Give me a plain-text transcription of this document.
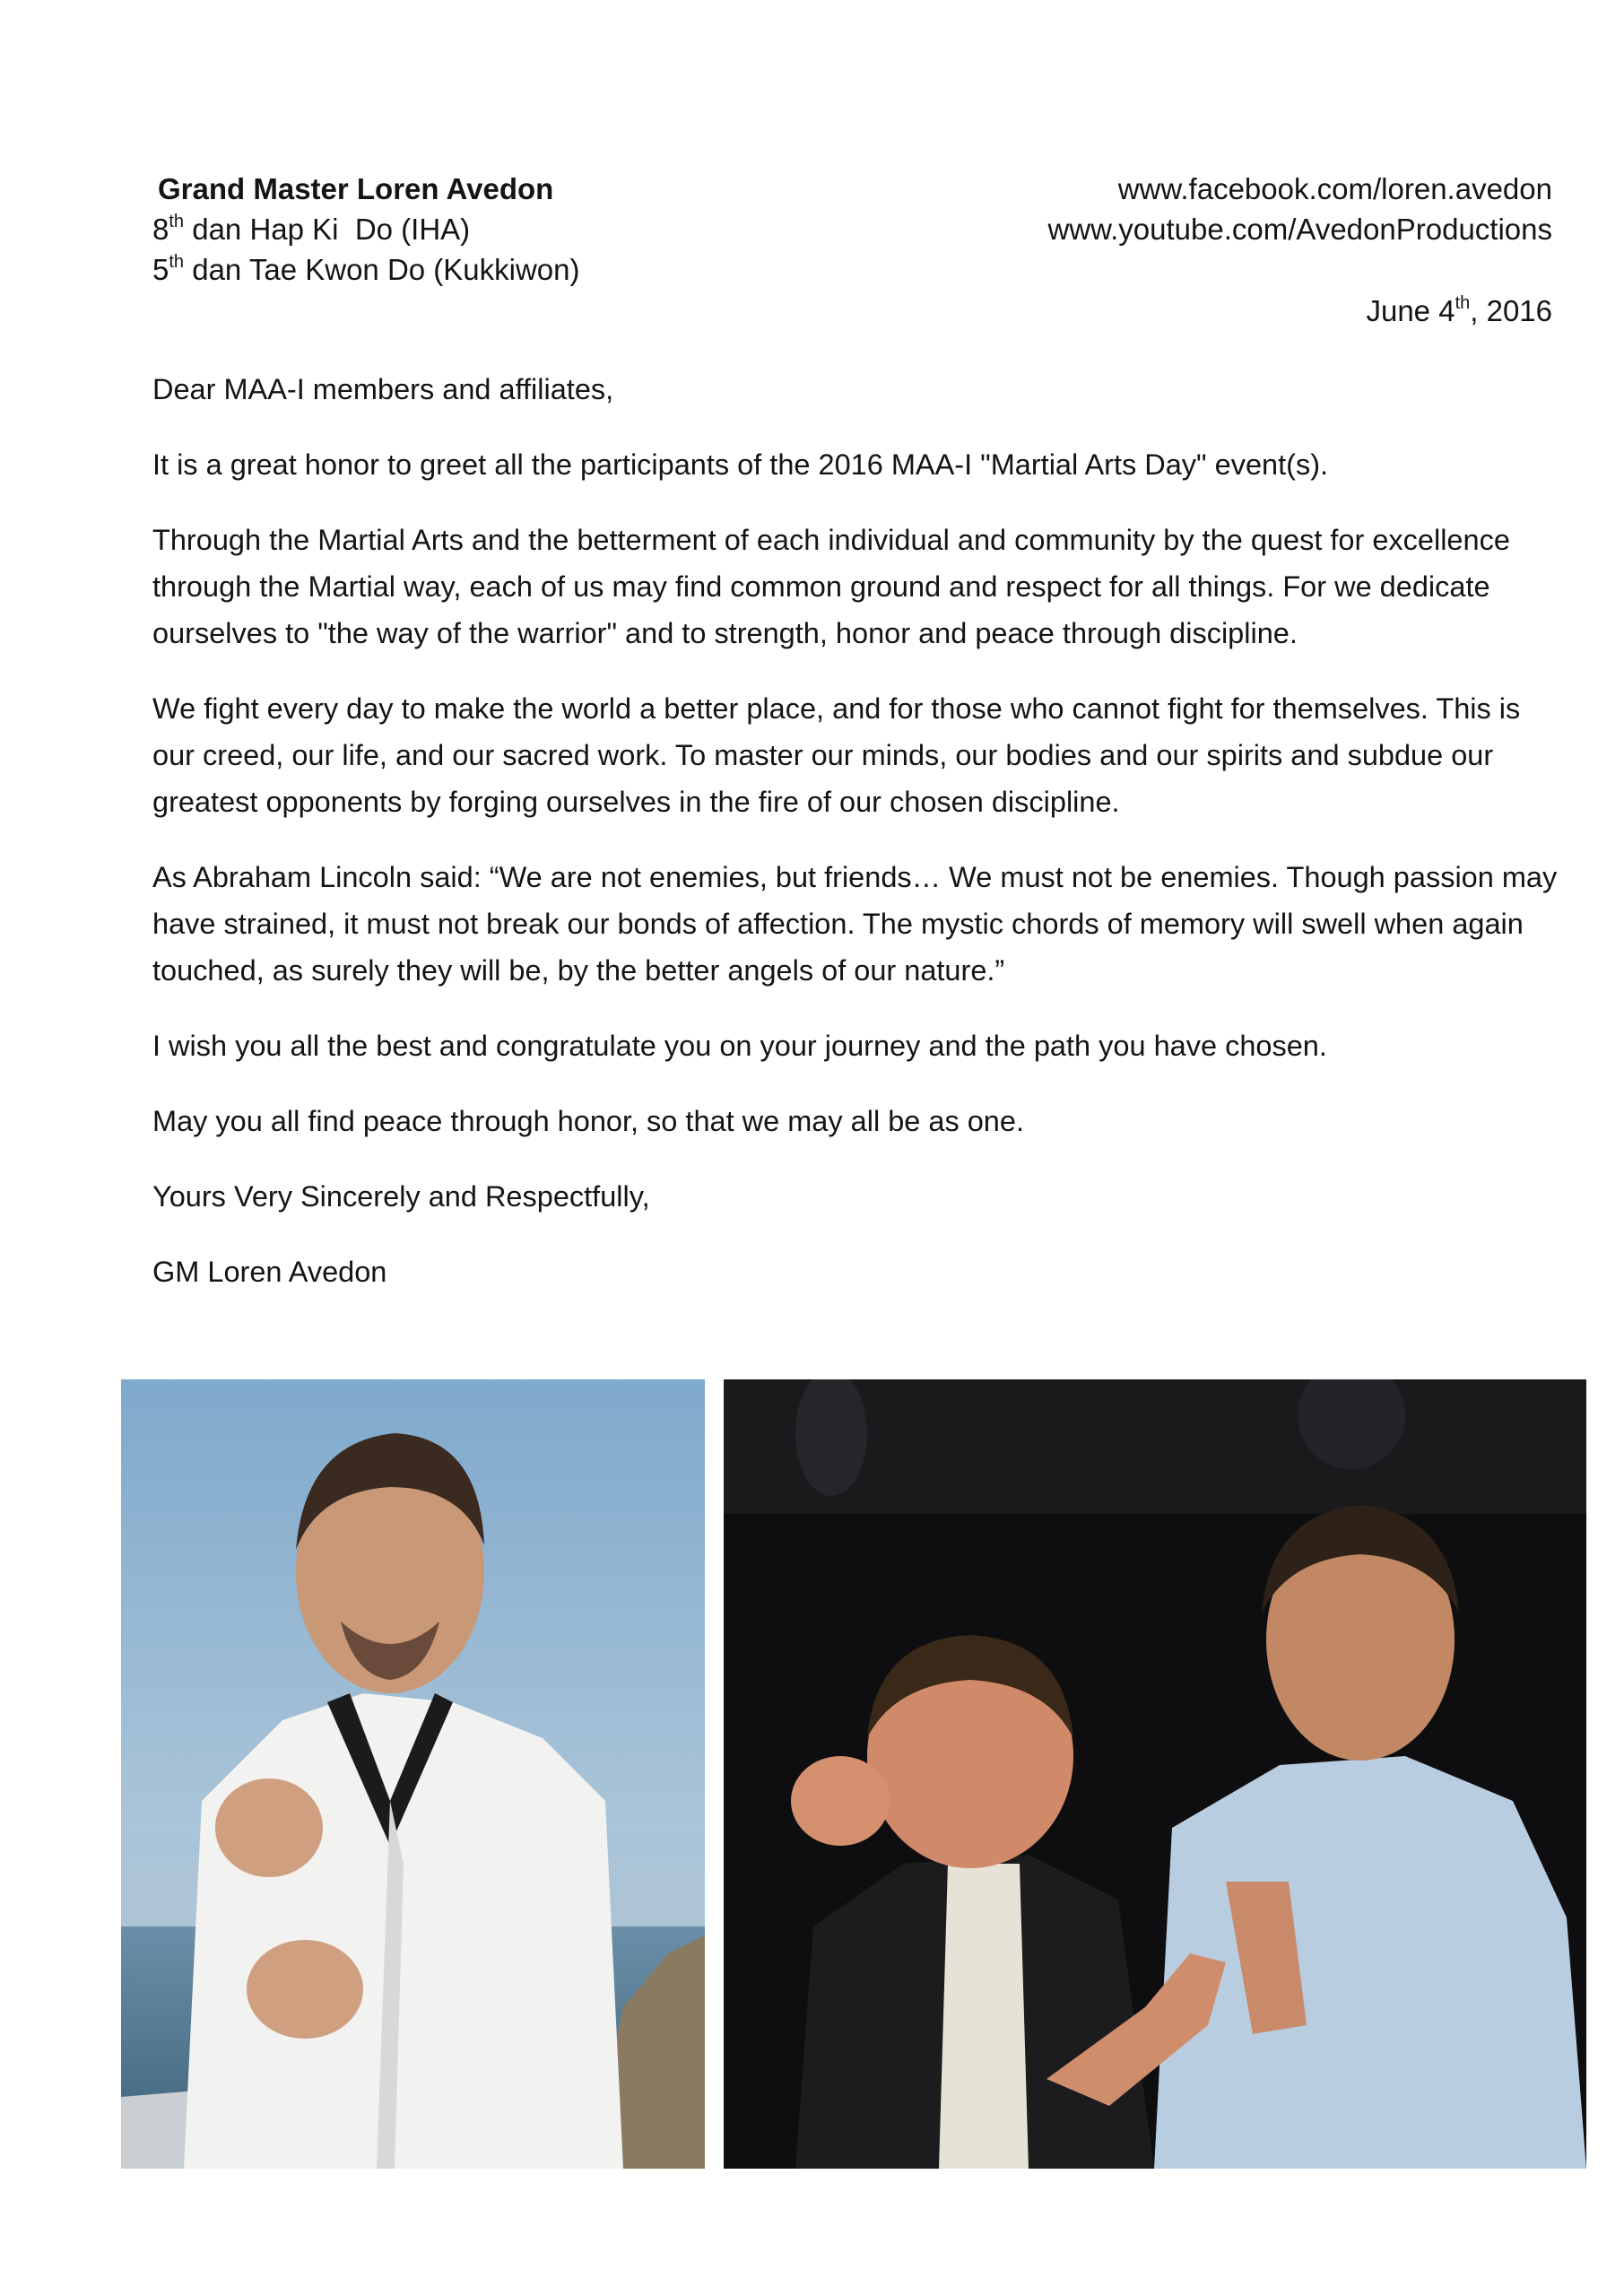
Grand Master Loren Avedon
8th dan Hap Ki  Do (IHA)
5th dan Tae Kwon Do (Kukkiwon)
www.facebook.com/loren.avedon
www.youtube.com/AvedonProductions
June 4th, 2016

Dear MAA-I members and affiliates,

It is a great honor to greet all the participants of the 2016 MAA-I "Martial Arts Day" event(s).

Through the Martial Arts and the betterment of each individual and community by the quest for excellence through the Martial way, each of us may find common ground and respect for all things. For we dedicate ourselves to "the way of the warrior" and to strength, honor and peace through discipline.

We fight every day to make the world a better place, and for those who cannot fight for themselves. This is our creed, our life, and our sacred work. To master our minds, our bodies and our spirits and subdue our greatest opponents by forging ourselves in the fire of our chosen discipline.

As Abraham Lincoln said: “We are not enemies, but friends… We must not be enemies. Though passion may have strained, it must not break our bonds of affection. The mystic chords of memory will swell when again touched, as surely they will be, by the better angels of our nature.”

I wish you all the best and congratulate you on your journey and the path you have chosen.

May you all find peace through honor, so that we may all be as one.

Yours Very Sincerely and Respectfully,

GM Loren Avedon
